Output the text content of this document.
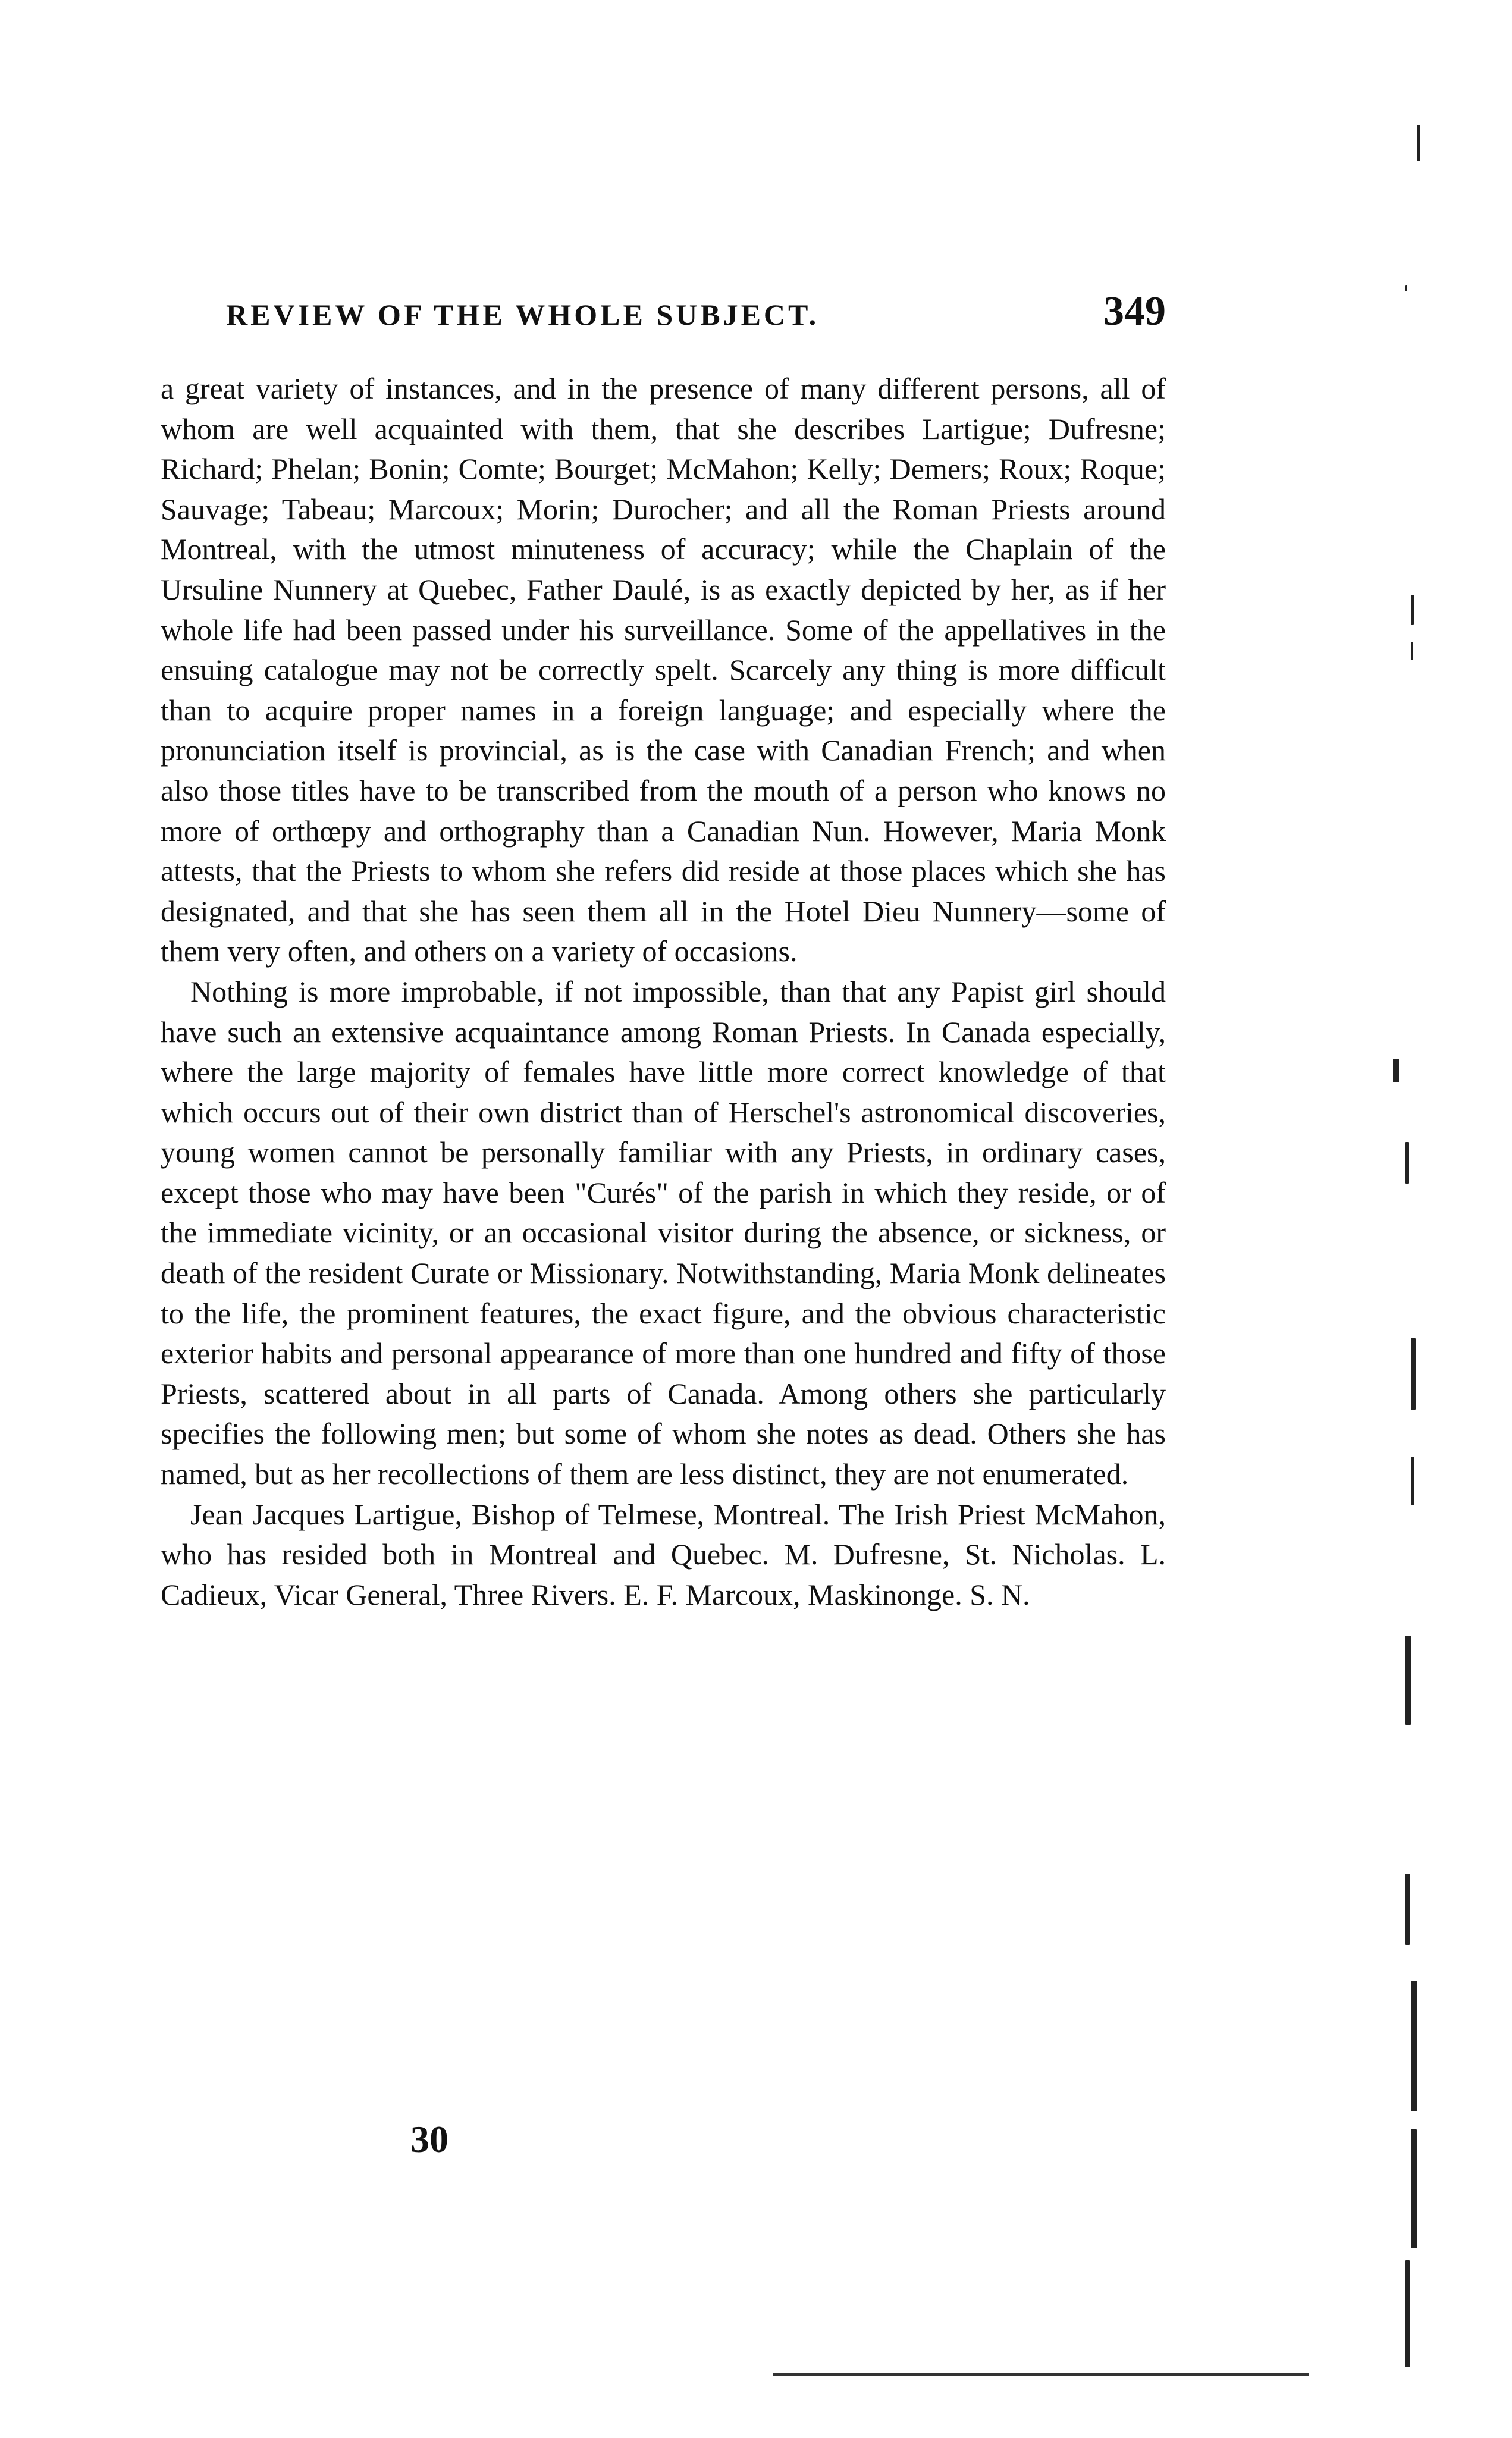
REVIEW OF THE WHOLE SUBJECT.	349

a great variety of instances, and in the presence of many different persons, all of whom are well acquainted with them, that she describes Lartigue; Dufresne; Richard; Phelan; Bonin; Comte; Bourget; McMahon; Kelly; Demers; Roux; Roque; Sauvage; Tabeau; Marcoux; Morin; Durocher; and all the Roman Priests around Montreal, with the utmost minuteness of accuracy; while the Chaplain of the Ursuline Nunnery at Quebec, Father Daulé, is as exactly depicted by her, as if her whole life had been passed under his surveillance. Some of the appellatives in the ensuing catalogue may not be correctly spelt. Scarcely any thing is more difficult than to acquire proper names in a foreign language; and especially where the pronunciation itself is provincial, as is the case with Canadian French; and when also those titles have to be transcribed from the mouth of a person who knows no more of orthœpy and orthography than a Canadian Nun. However, Maria Monk attests, that the Priests to whom she refers did reside at those places which she has designated, and that she has seen them all in the Hotel Dieu Nunnery—some of them very often, and others on a variety of occasions.

Nothing is more improbable, if not impossible, than that any Papist girl should have such an extensive acquaintance among Roman Priests. In Canada especially, where the large majority of females have little more correct knowledge of that which occurs out of their own district than of Herschel's astronomical discoveries, young women cannot be personally familiar with any Priests, in ordinary cases, except those who may have been "Curés" of the parish in which they reside, or of the immediate vicinity, or an occasional visitor during the absence, or sickness, or death of the resident Curate or Missionary. Notwithstanding, Maria Monk delineates to the life, the prominent features, the exact figure, and the obvious characteristic exterior habits and personal appearance of more than one hundred and fifty of those Priests, scattered about in all parts of Canada. Among others she particularly specifies the following men; but some of whom she notes as dead. Others she has named, but as her recollections of them are less distinct, they are not enumerated.

Jean Jacques Lartigue, Bishop of Telmese, Montreal. The Irish Priest McMahon, who has resided both in Montreal and Quebec. M. Dufresne, St. Nicholas. L. Cadieux, Vicar General, Three Rivers. E. F. Marcoux, Maskinonge. S. N.

30
